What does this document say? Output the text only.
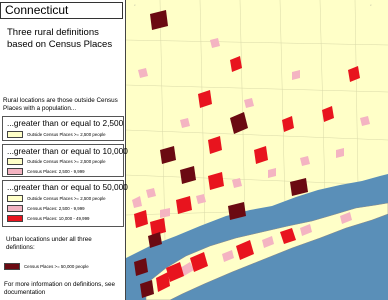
x	x
Connecticut
Three rural definitions based on Census Places
Rural locations are those outside Census Places with a population...
...greater than or equal to 2,500
Outside Census Places >= 2,500 people
...greater than or equal to 10,000
Outside Census Places >= 2,500 people
Census Places: 2,500 - 9,999
...greater than or equal to 50,000
Outside Census Places >= 2,500 people
Census Places: 2,500 - 9,999
Census Places: 10,000 - 49,999
Urban locations under all three defintions:
Census Places >= 50,000 people
For more information on definitions, see documentation
